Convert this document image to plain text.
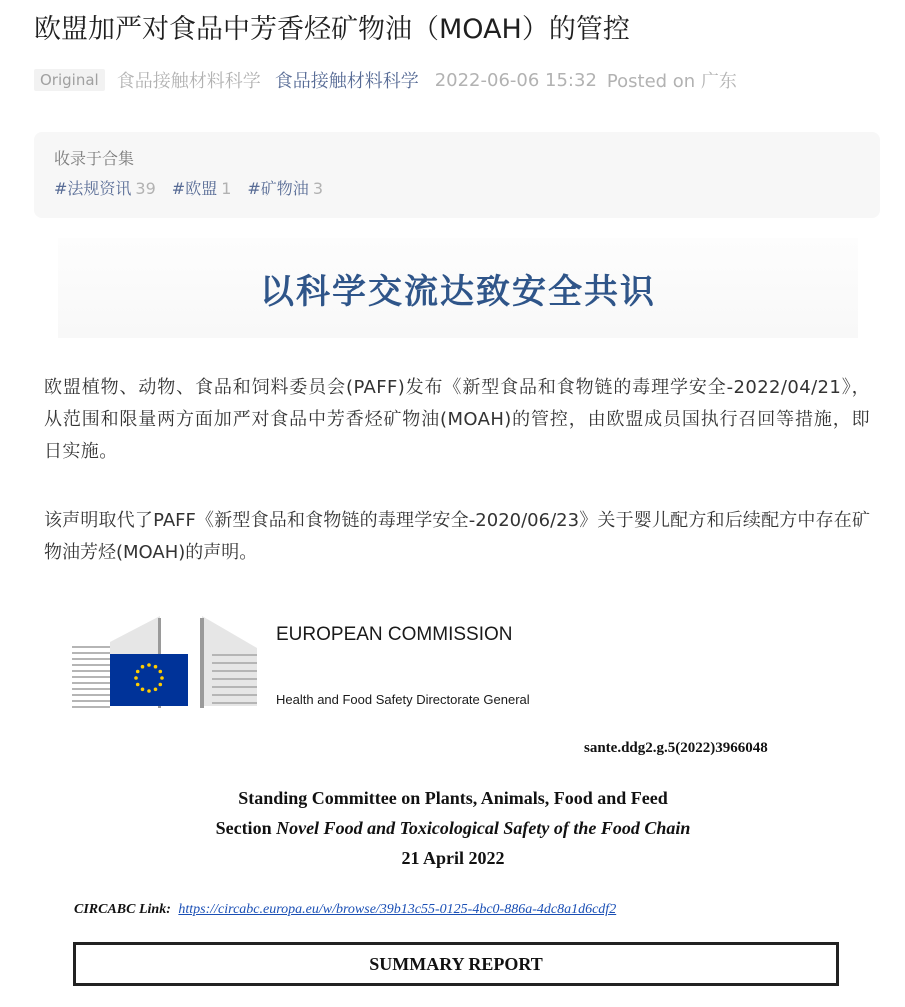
欧盟加严对食品中芳香烃矿物油（MOAH）的管控
Original	食品接触材料科学 食品接触材料科学 2022-06-06 15:32 Posted on 广东
收录于合集
#法规资讯 39 #欧盟 1 #矿物油 3
以科学交流达致安全共识
欧盟植物、动物、食品和饲料委员会(PAFF)发布《新型食品和食物链的毒理学安全-2022/04/21》，从范围和限量两方面加严对食品中芳香烃矿物油(MOAH)的管控，由欧盟成员国执行召回等措施，即日实施。
该声明取代了PAFF《新型食品和食物链的毒理学安全-2020/06/23》关于婴儿配方和后续配方中存在矿物油芳烃(MOAH)的声明。
EUROPEAN COMMISSION
Health and Food Safety Directorate General
sante.ddg2.g.5(2022)3966048
Standing Committee on Plants, Animals, Food and Feed
Section Novel Food and Toxicological Safety of the Food Chain
21 April 2022
CIRCABC Link: https://circabc.europa.eu/w/browse/39b13c55-0125-4bc0-886a-4dc8a1d6cdf2
SUMMARY REPORT
